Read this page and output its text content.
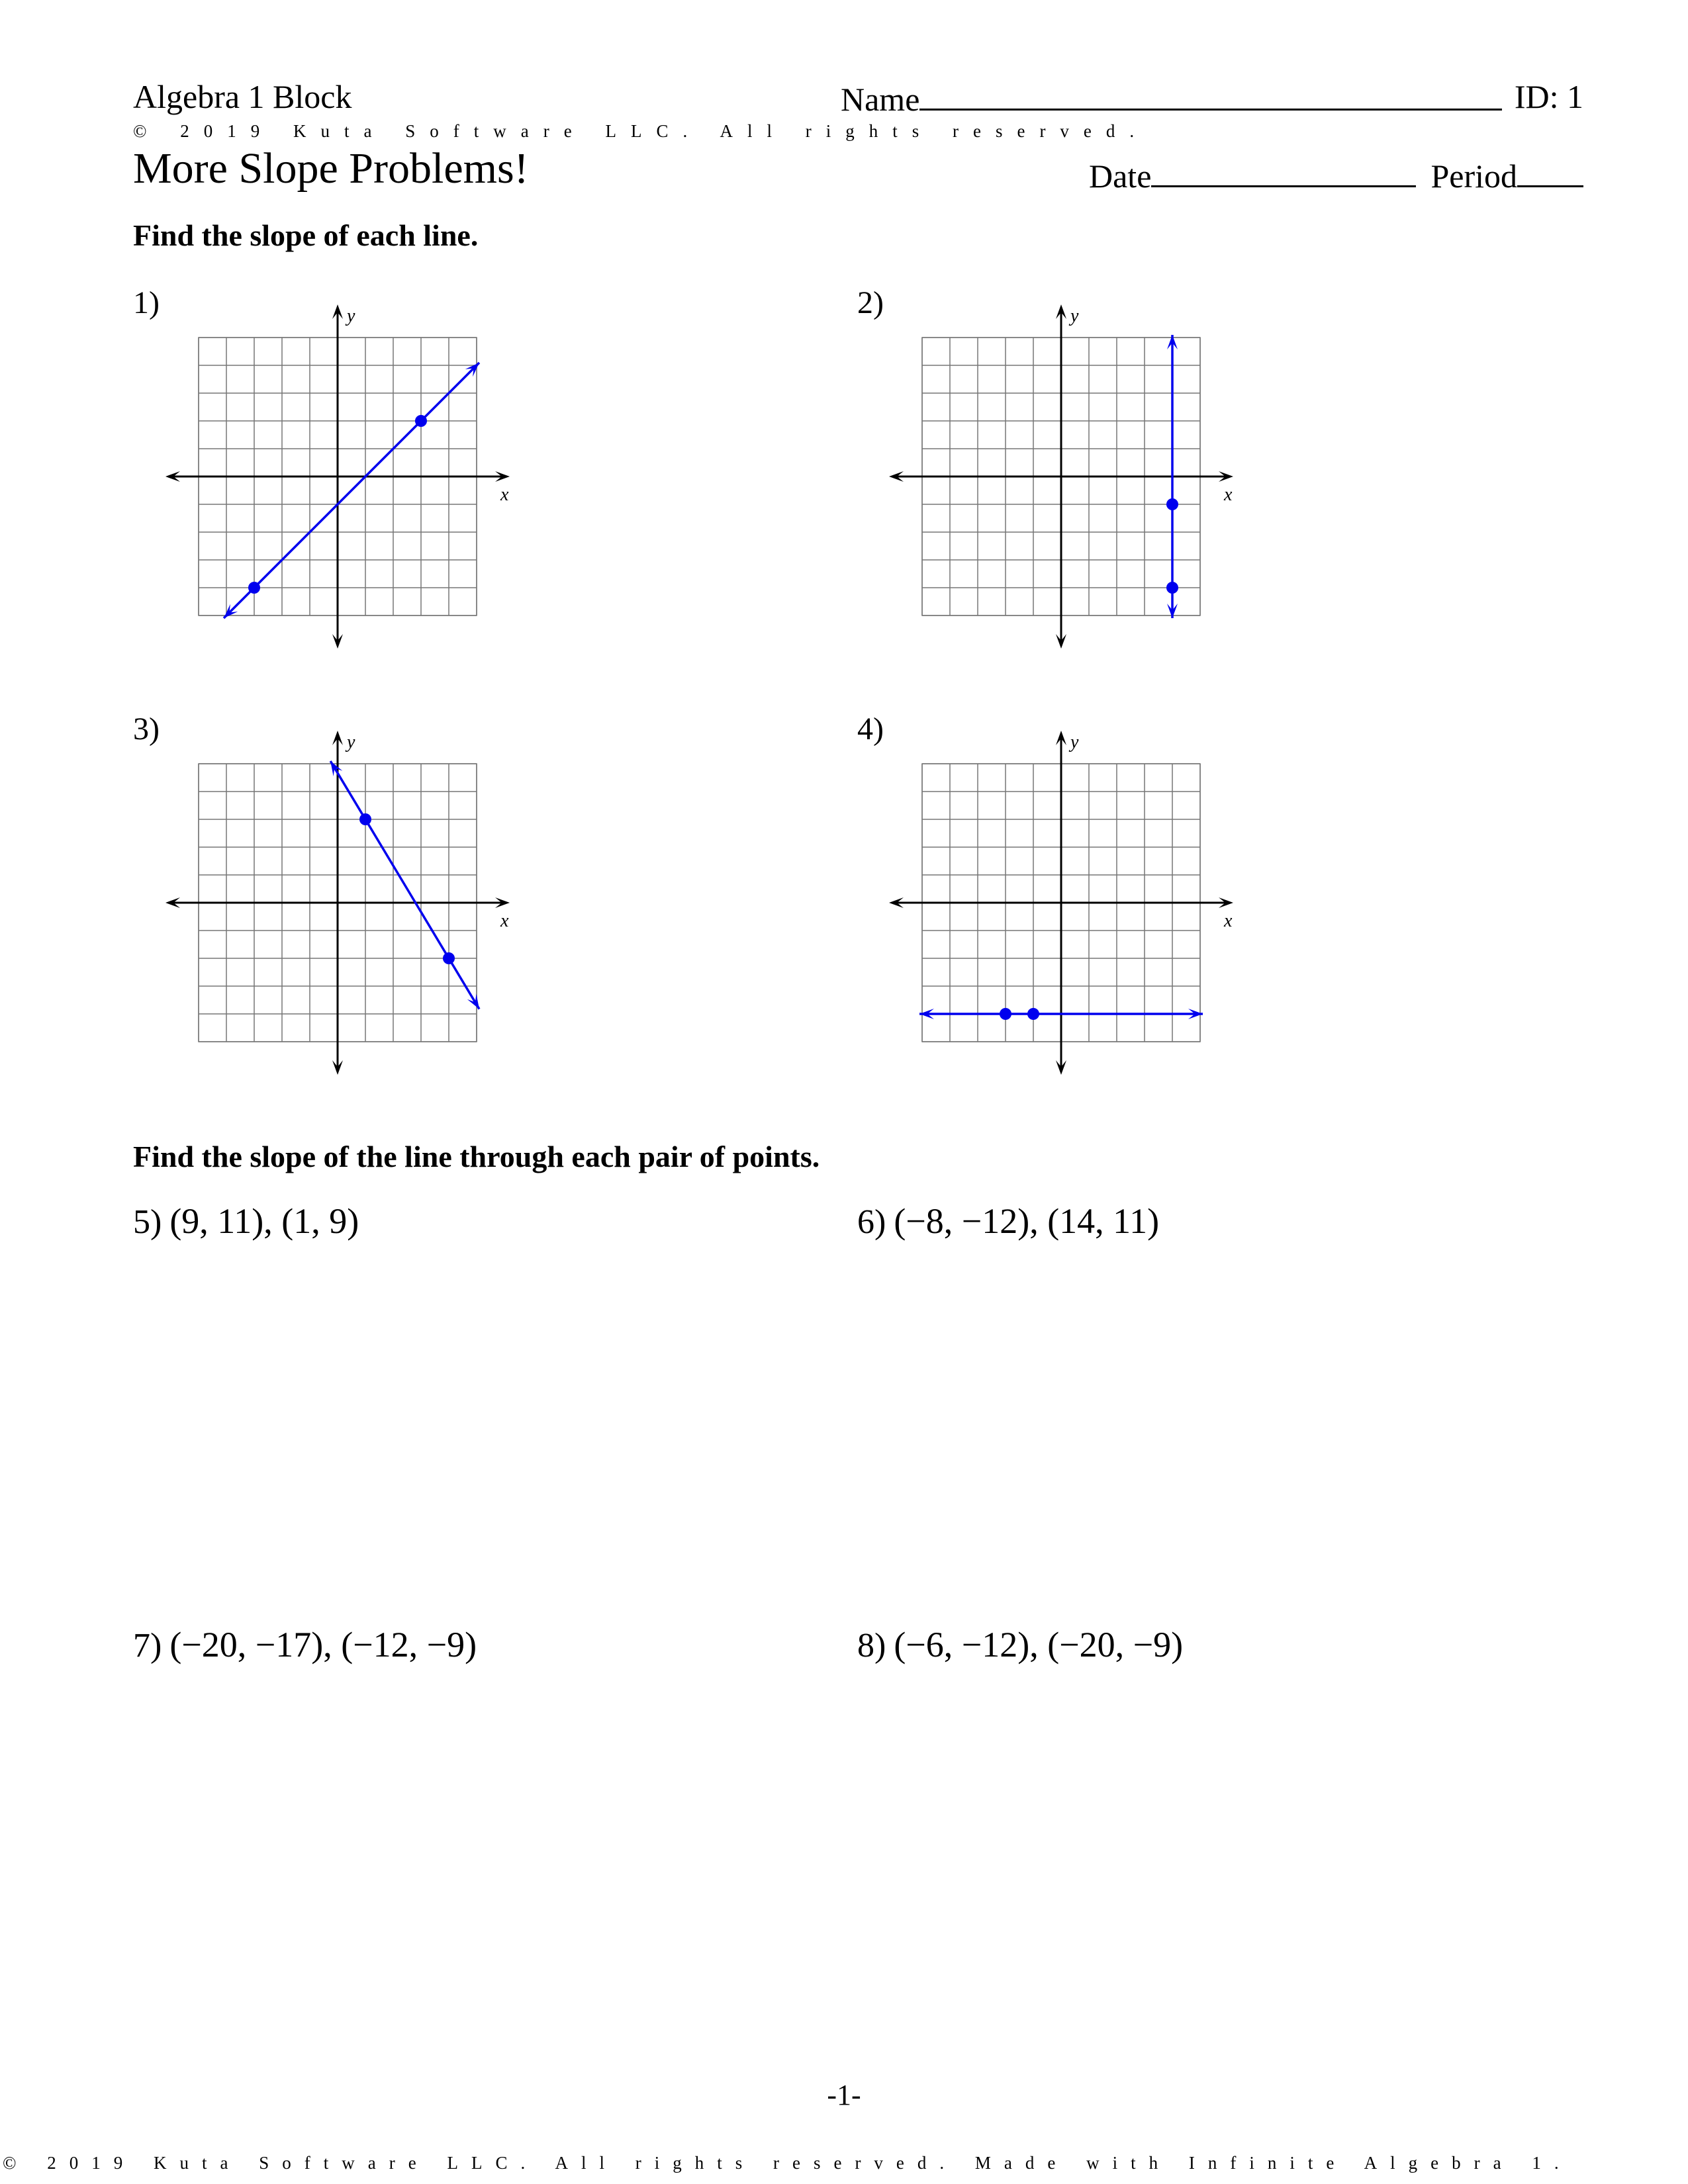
Algebra 1 Block	Name	ID: 1
© 2019 Kuta Software LLC. All rights reserved.
More Slope Problems!	Date	Period
Find the slope of each line.
1)	2)
3)	4)
x
y
x
y
x
y
x
y
Find the slope of the line through each pair of points.
5) (9, 11), (1, 9)	6) (−8, −12), (14, 11)
7) (−20, −17), (−12, −9)	8) (−6, −12), (−20, −9)
-1-
© 2019 Kuta Software LLC. All rights reserved. Made with Infinite Algebra 1.
